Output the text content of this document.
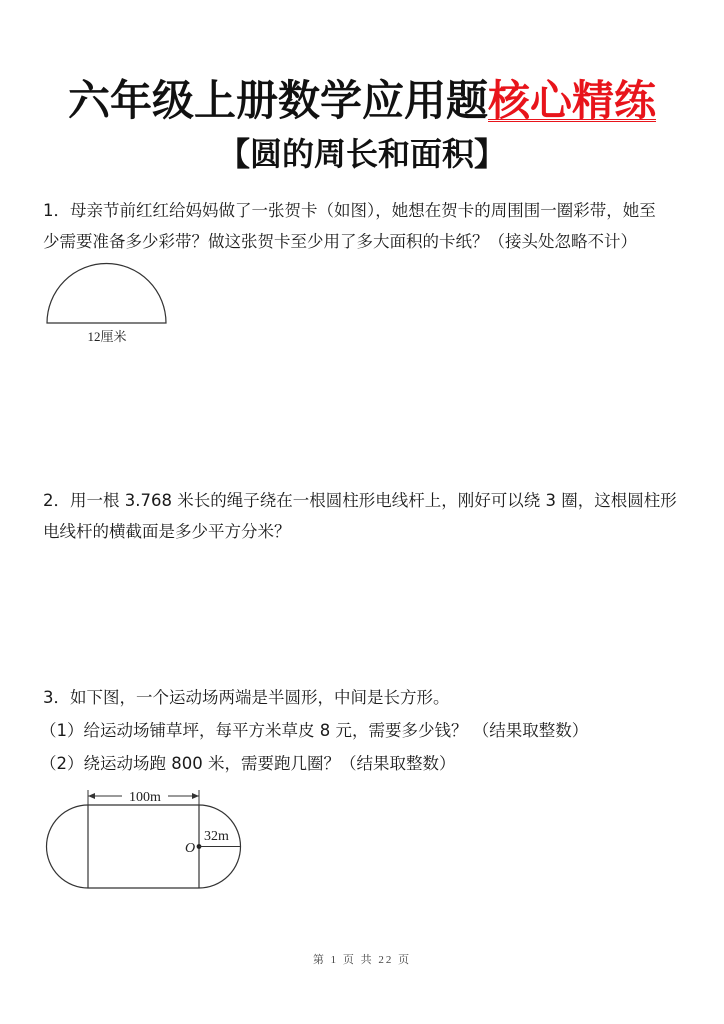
六年级上册数学应用题核心精练
【圆的周长和面积】
1．母亲节前红红给妈妈做了一张贺卡（如图），她想在贺卡的周围围一圈彩带，她至
少需要准备多少彩带？做这张贺卡至少用了多大面积的卡纸？（接头处忽略不计）
12厘米
2．用一根 3.768 米长的绳子绕在一根圆柱形电线杆上，刚好可以绕 3 圈，这根圆柱形
电线杆的横截面是多少平方分米？
3．如下图，一个运动场两端是半圆形，中间是长方形。
（1）给运动场铺草坪，每平方米草皮 8 元，需要多少钱？ （结果取整数）
（2）绕运动场跑 800 米，需要跑几圈？（结果取整数）
100m
32m
O
第 1 页 共 22 页
